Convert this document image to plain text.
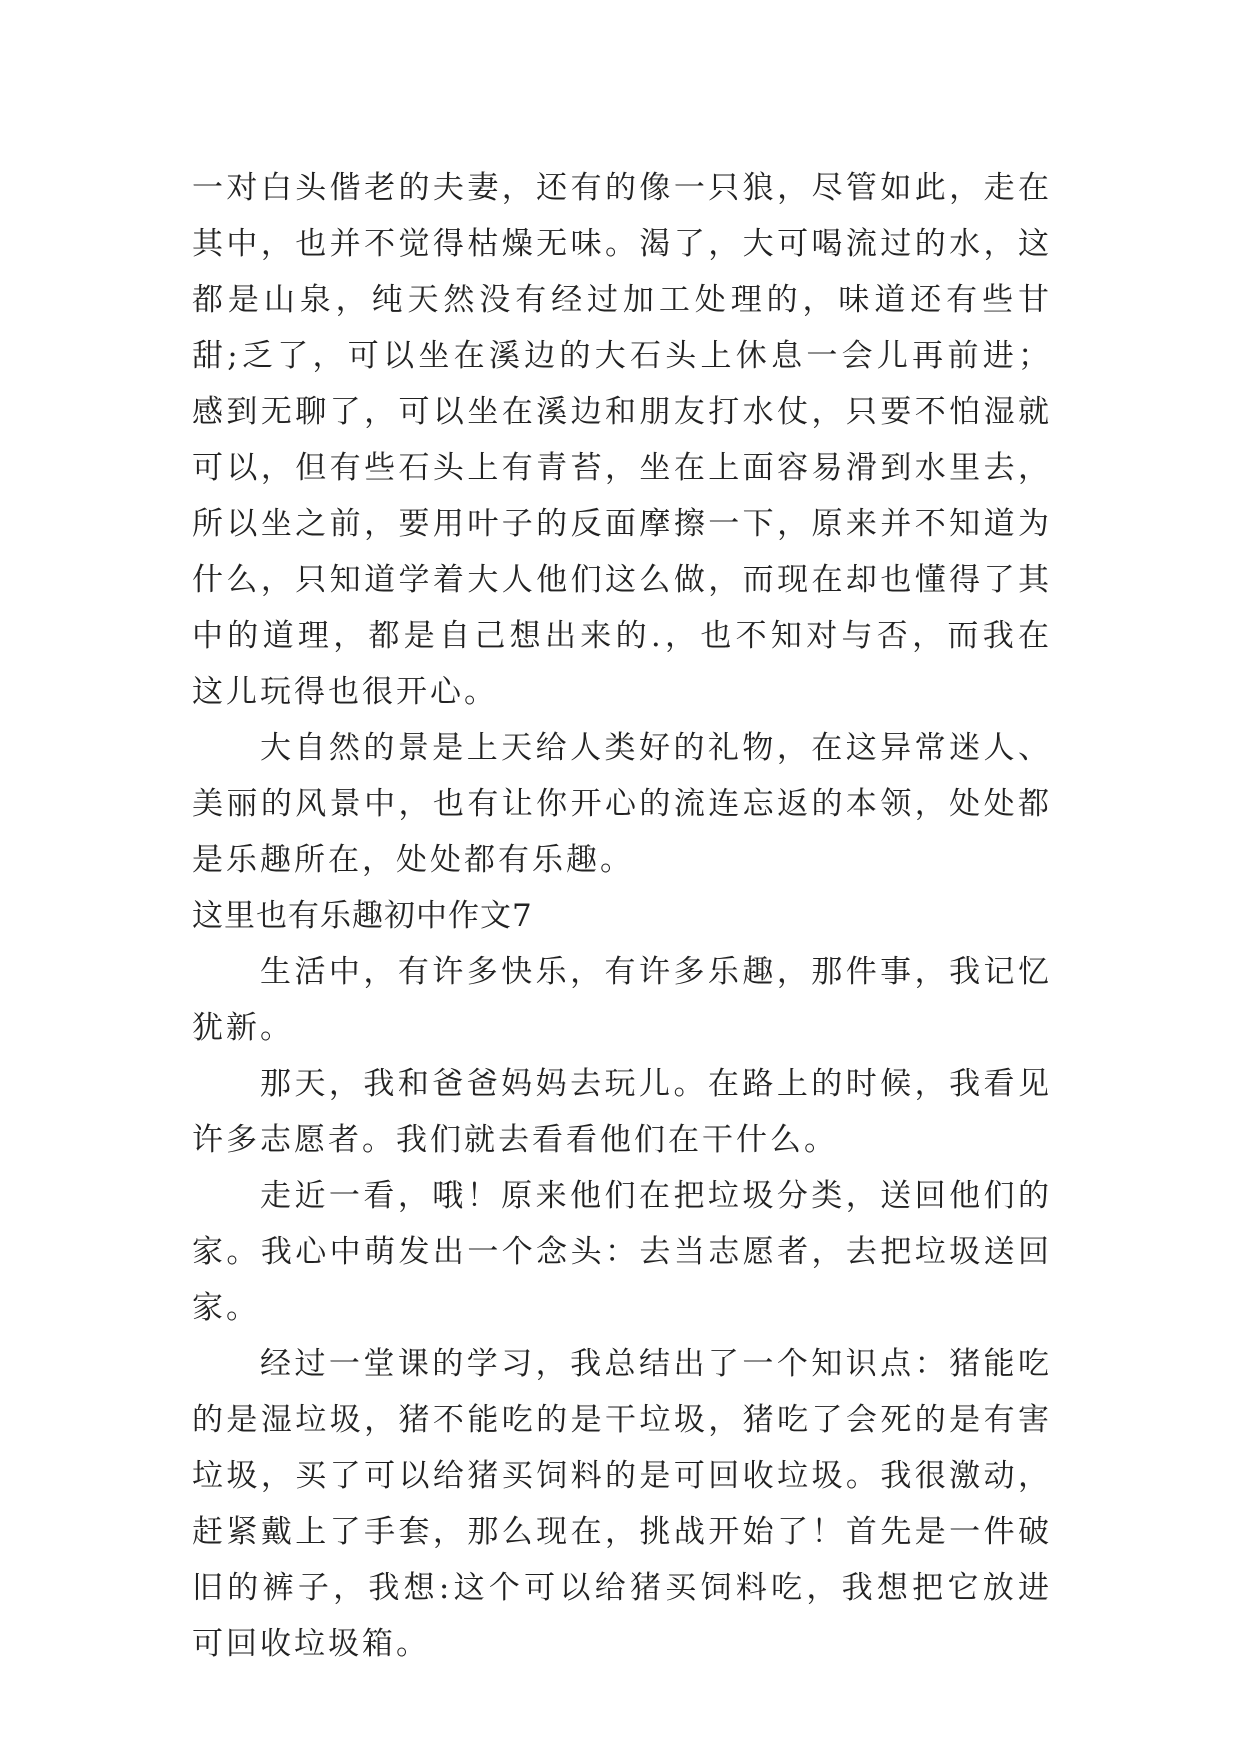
一对白头偕老的夫妻，还有的像一只狼，尽管如此，走在其中，也并不觉得枯燥无味。渴了，大可喝流过的水，这都是山泉，纯天然没有经过加工处理的，味道还有些甘甜;乏了，可以坐在溪边的大石头上休息一会儿再前进；感到无聊了，可以坐在溪边和朋友打水仗，只要不怕湿就可以，但有些石头上有青苔，坐在上面容易滑到水里去，所以坐之前，要用叶子的反面摩擦一下，原来并不知道为什么，只知道学着大人他们这么做，而现在却也懂得了其中的道理，都是自己想出来的.，也不知对与否，而我在这儿玩得也很开心。

大自然的景是上天给人类好的礼物，在这异常迷人、美丽的风景中，也有让你开心的流连忘返的本领，处处都是乐趣所在，处处都有乐趣。

这里也有乐趣初中作文7

生活中，有许多快乐，有许多乐趣，那件事，我记忆犹新。

那天，我和爸爸妈妈去玩儿。在路上的时候，我看见许多志愿者。我们就去看看他们在干什么。

走近一看，哦！原来他们在把垃圾分类，送回他们的家。我心中萌发出一个念头：去当志愿者，去把垃圾送回家。

经过一堂课的学习，我总结出了一个知识点：猪能吃的是湿垃圾，猪不能吃的是干垃圾，猪吃了会死的是有害垃圾，买了可以给猪买饲料的是可回收垃圾。我很激动，赶紧戴上了手套，那么现在，挑战开始了！首先是一件破旧的裤子，我想:这个可以给猪买饲料吃，我想把它放进可回收垃圾箱。
